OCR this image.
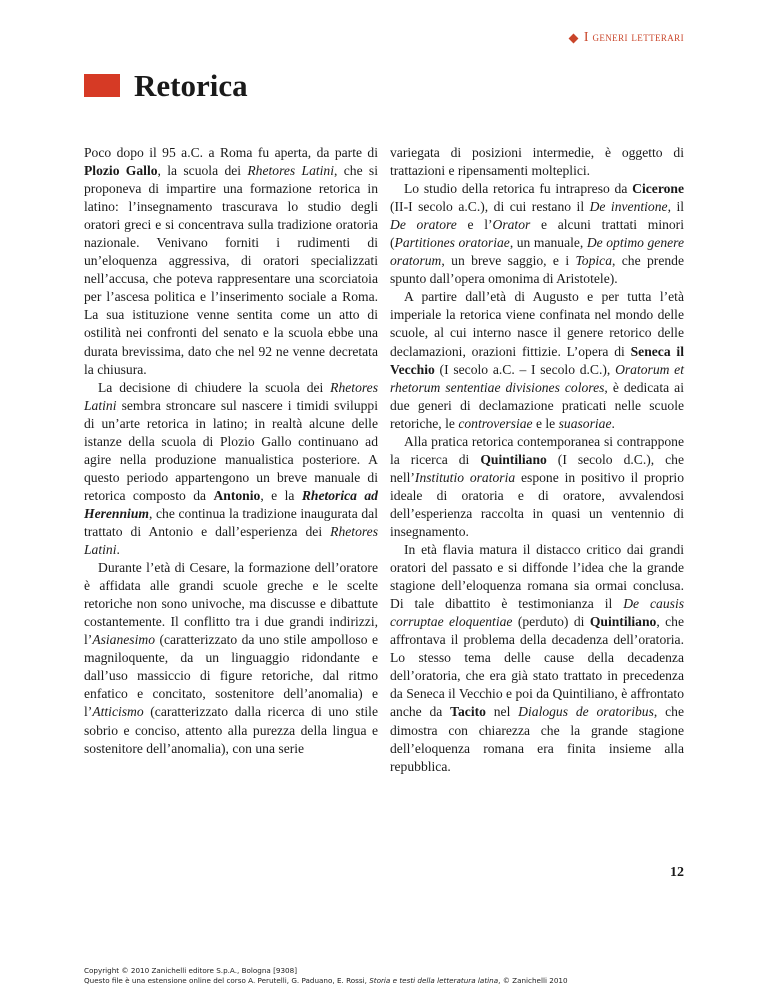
I generi letterari
Retorica

Poco dopo il 95 a.C. a Roma fu aperta, da parte di Plozio Gallo, la scuola dei Rhetores Latini, che si proponeva di impartire una formazione retorica in latino: l’insegnamento trascurava lo studio degli oratori greci e si concentrava sulla tradizione oratoria nazionale. Venivano forniti i rudimenti di un’eloquenza aggressiva, di oratori specializzati nell’accusa, che poteva rappresentare una scorciatoia per l’ascesa politica e l’inserimento sociale a Roma. La sua istituzione venne sentita come un atto di ostilità nei confronti del senato e la scuola ebbe una durata brevissima, dato che nel 92 ne venne decretata la chiusura.

La decisione di chiudere la scuola dei Rhetores Latini sembra stroncare sul nascere i timidi sviluppi di un’arte retorica in latino; in realtà alcune delle istanze della scuola di Plozio Gallo continuano ad agire nella produzione manualistica posteriore. A questo periodo appartengono un breve manuale di retorica composto da Antonio, e la Rhetorica ad Herennium, che continua la tradizione inaugurata dal trattato di Antonio e dall’esperienza dei Rhetores Latini.

Durante l’età di Cesare, la formazione dell’oratore è affidata alle grandi scuole greche e le scelte retoriche non sono univoche, ma discusse e dibattute costantemente. Il conflitto tra i due grandi indirizzi, l’Asianesimo (caratterizzato da uno stile ampolloso e magniloquente, da un linguaggio ridondante e dall’uso massiccio di figure retoriche, dal ritmo enfatico e concitato, sostenitore dell’anomalia) e l’Atticismo (caratterizzato dalla ricerca di uno stile sobrio e conciso, attento alla purezza della lingua e sostenitore dell’anomalia), con una serie

variegata di posizioni intermedie, è oggetto di trattazioni e ripensamenti molteplici.

Lo studio della retorica fu intrapreso da Cicerone (II-I secolo a.C.), di cui restano il De inventione, il De oratore e l’Orator e alcuni trattati minori (Partitiones oratoriae, un manuale, De optimo genere oratorum, un breve saggio, e i Topica, che prende spunto dall’opera omonima di Aristotele).

A partire dall’età di Augusto e per tutta l’età imperiale la retorica viene confinata nel mondo delle scuole, al cui interno nasce il genere retorico delle declamazioni, orazioni fittizie. L’opera di Seneca il Vecchio (I secolo a.C. – I secolo d.C.), Oratorum et rhetorum sententiae divisiones colores, è dedicata ai due generi di declamazione praticati nelle scuole retoriche, le controversiae e le suasoriae.

Alla pratica retorica contemporanea si contrappone la ricerca di Quintiliano (I secolo d.C.), che nell’Institutio oratoria espone in positivo il proprio ideale di oratoria e di oratore, avvalendosi dell’esperienza raccolta in quasi un ventennio di insegnamento.

In età flavia matura il distacco critico dai grandi oratori del passato e si diffonde l’idea che la grande stagione dell’eloquenza romana sia ormai conclusa. Di tale dibattito è testimonianza il De causis corruptae eloquentiae (perduto) di Quintiliano, che affrontava il problema della decadenza dell’oratoria. Lo stesso tema delle cause della decadenza dell’oratoria, che era già stato trattato in precedenza da Seneca il Vecchio e poi da Quintiliano, è affrontato anche da Tacito nel Dialogus de oratoribus, che dimostra con chiarezza che la grande stagione dell’eloquenza romana era finita insieme alla repubblica.

12
Copyright © 2010 Zanichelli editore S.p.A., Bologna [9308]
Questo file è una estensione online del corso A. Perutelli, G. Paduano, E. Rossi, Storia e testi della letteratura latina, © Zanichelli 2010
